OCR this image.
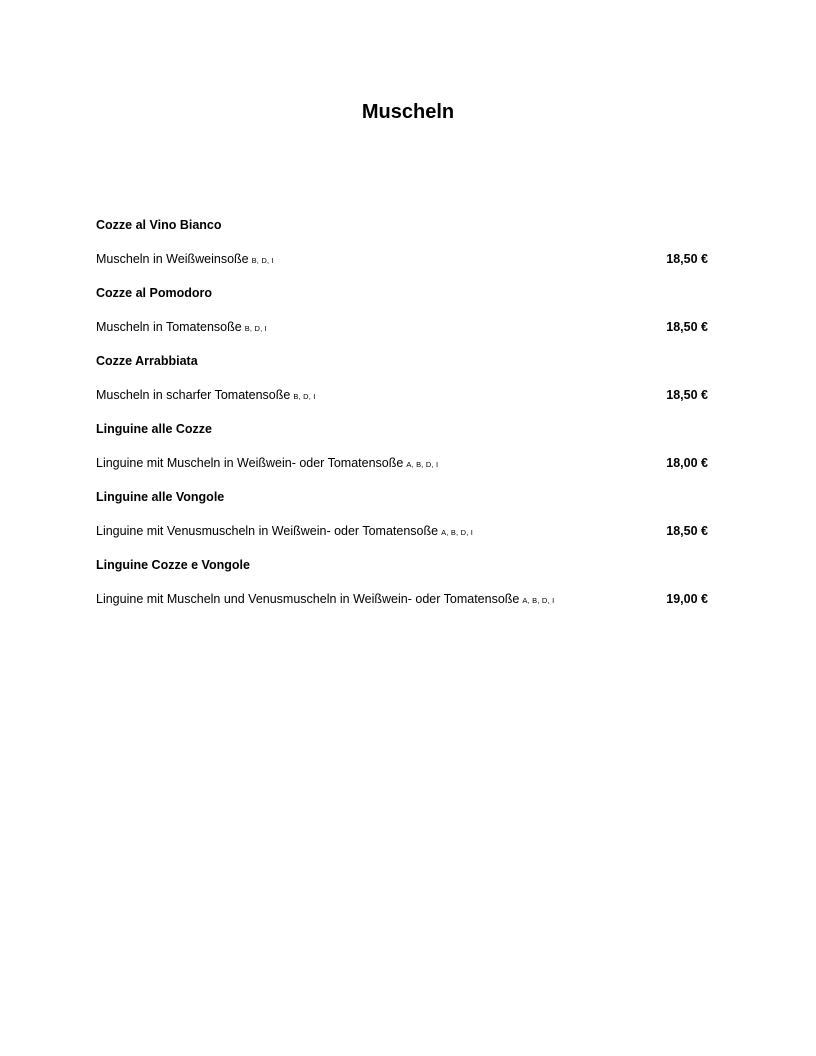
Muscheln
Cozze al Vino Bianco
Muscheln in Weißweinsoße B, D, I	18,50 €
Cozze al Pomodoro
Muscheln in Tomatensoße B, D, I	18,50 €
Cozze Arrabbiata
Muscheln in scharfer Tomatensoße B, D, I	18,50 €
Linguine alle Cozze
Linguine mit Muscheln in Weißwein- oder Tomatensoße A, B, D, I	18,00 €
Linguine alle Vongole
Linguine mit Venusmuscheln in Weißwein- oder Tomatensoße A, B, D, I	18,50 €
Linguine Cozze e Vongole
Linguine mit Muscheln und Venusmuscheln in Weißwein- oder Tomatensoße A, B, D, I	19,00 €
